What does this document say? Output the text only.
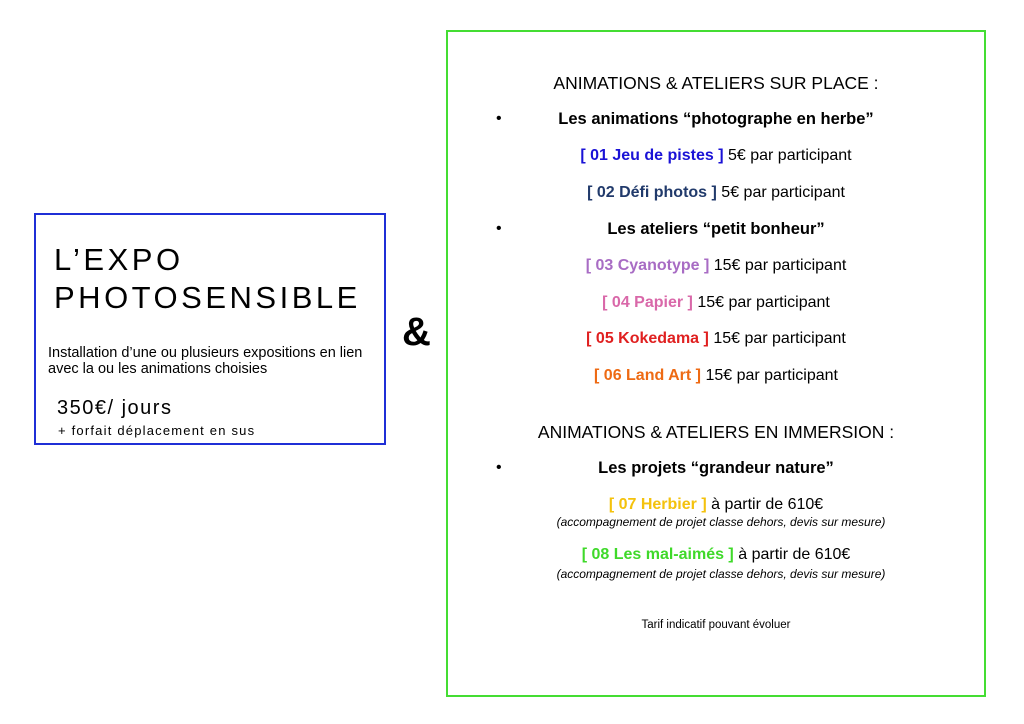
L’EXPO
PHOTOSENSIBLE
Installation d’une ou plusieurs expositions en lien avec la ou les animations choisies
350€/ jours
+ forfait déplacement en sus
&
ANIMATIONS & ATELIERS SUR PLACE :
•	Les animations “photographe en herbe”
[ 01 Jeu de pistes ] 5€ par participant
[ 02 Défi photos ] 5€ par participant
•	Les ateliers “petit bonheur”
[ 03 Cyanotype ] 15€ par participant
[ 04 Papier ] 15€ par participant
[ 05 Kokedama ] 15€ par participant
[ 06 Land Art ] 15€ par participant
ANIMATIONS & ATELIERS EN IMMERSION :
•	Les projets “grandeur nature”
[ 07 Herbier ] à partir de 610€
(accompagnement de projet classe dehors, devis sur mesure)
[ 08 Les mal-aimés ] à partir de 610€
(accompagnement de projet classe dehors, devis sur mesure)
Tarif indicatif pouvant évoluer
